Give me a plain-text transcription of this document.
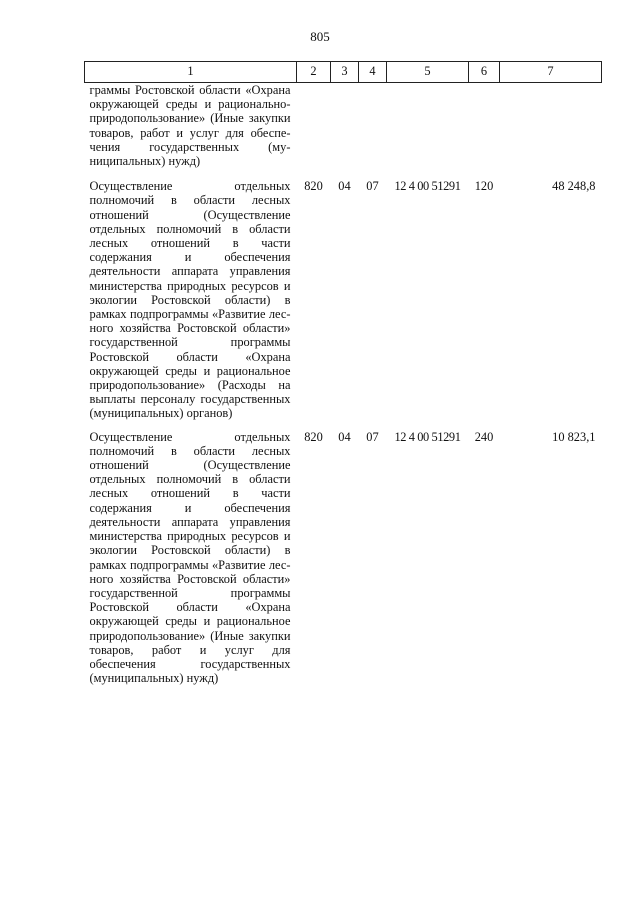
805
1	2	3	4	5	6	7
граммы Ростовской области «Охрана окружающей среды и рационально природопользование» (Иные закупки товаров, работ и услуг для обеспечения государственных (муниципальных) нужд)						
Осуществление отдельных полномочий в области лесных отношений (Осуществление отдельных полномочий в области лесных отношений в части содержания и обеспечения деятельности аппарата управления министерства природных ресурсов и экологии Ростовской области) в рамках подпрограммы «Развитие лесного хозяйства Ростовской области» государственной программы Ростовской области «Охрана окружающей среды и рациональное природопользование» (Расходы на выплаты персоналу государственных (муниципальных) органов)	820	04	07	12 4 00 51291	120	48 248,8
Осуществление отдельных полномочий в области лесных отношений (Осуществление отдельных полномочий в области лесных отношений в части содержания и обеспечения деятельности аппарата управления министерства природных ресурсов и экологии Ростовской области) в рамках подпрограммы «Развитие лесного хозяйства Ростовской области» государственной программы Ростовской области «Охрана окружающей среды и рациональное природопользование» (Иные закупки товаров, работ и услуг для обеспечения государственных (муниципальных) нужд)	820	04	07	12 4 00 51291	240	10 823,1
